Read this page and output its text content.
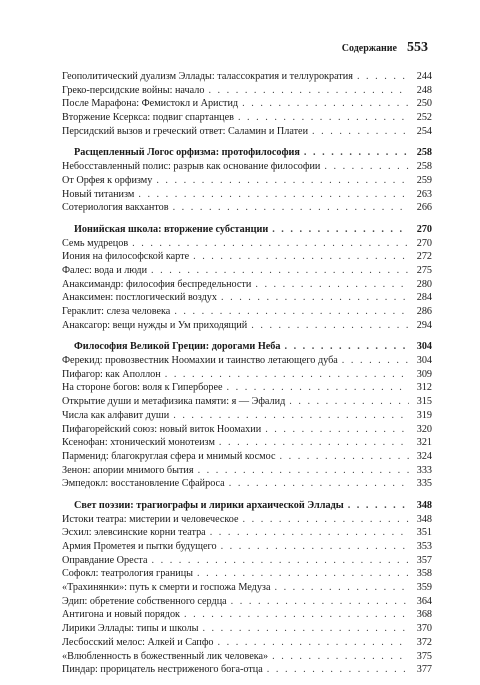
Содержание 553
Геополитический дуализм Эллады: талассократия и теллурократия . . .	244
Греко-персидские войны: начало . . .	248
После Марафона: Фемистокл и Аристид . . .	250
Вторжение Ксеркса: подвиг спартанцев . . .	252
Персидский вызов и греческий ответ: Саламин и Платеи . . .	254
Расщепленный Логос орфизма: протофилософия . . .	258
Небосставленный полис: разрыв как основание философии . . .	258
От Орфея к орфизму . . .	259
Новый титанизм . . .	263
Сотериология вакхантов . . .	266
Ионийская школа: вторжение субстанции . . .	270
Семь мудрецов . . .	270
Иония на философской карте . . .	272
Фалес: вода и люди . . .	275
Анаксимандр: философия беспредельности . . .	280
Анаксимен: постлогический воздух . . .	284
Гераклит: слеза человека . . .	286
Анаксагор: вещи нужды и Ум приходящий . . .	294
Философия Великой Греции: дорогами Неба . . .	304
Ферекид: провозвестник Ноомахии и таинство летающего дуба . . .	304
Пифагор: как Аполлон . . .	309
На стороне богов: воля к Гиперборее . . .	312
Открытие души и метафизика памяти: я — Эфалид . . .	315
Числа как алфавит души . . .	319
Пифагорейский союз: новый виток Ноомахии . . .	320
Ксенофан: хтонический монотеизм . . .	321
Парменид: благокруглая сфера и мнимый космос . . .	324
Зенон: апории мнимого бытия . . .	333
Эмпедокл: восстановление Сфайроса . . .	335
Свет поэзии: трагиографы и лирики архаической Эллады . . .	348
Истоки театра: мистерии и человеческое . . .	348
Эсхил: элевсинские корни театра . . .	351
Армия Прометея и пытки будущего . . .	353
Оправдание Ореста . . .	357
Софокл: театрология границы . . .	358
«Трахинянки»: путь к смерти и госпожа Медуза . . .	359
Эдип: обретение собственного сердца . . .	364
Антигона и новый порядок . . .	368
Лирики Эллады: типы и школы . . .	370
Лесбосский мелос: Алкей и Сапфо . . .	372
«Влюбленность в божественный лик человека» . . .	375
Пиндар: прорицатель нестриженого бога-отца . . .	377
